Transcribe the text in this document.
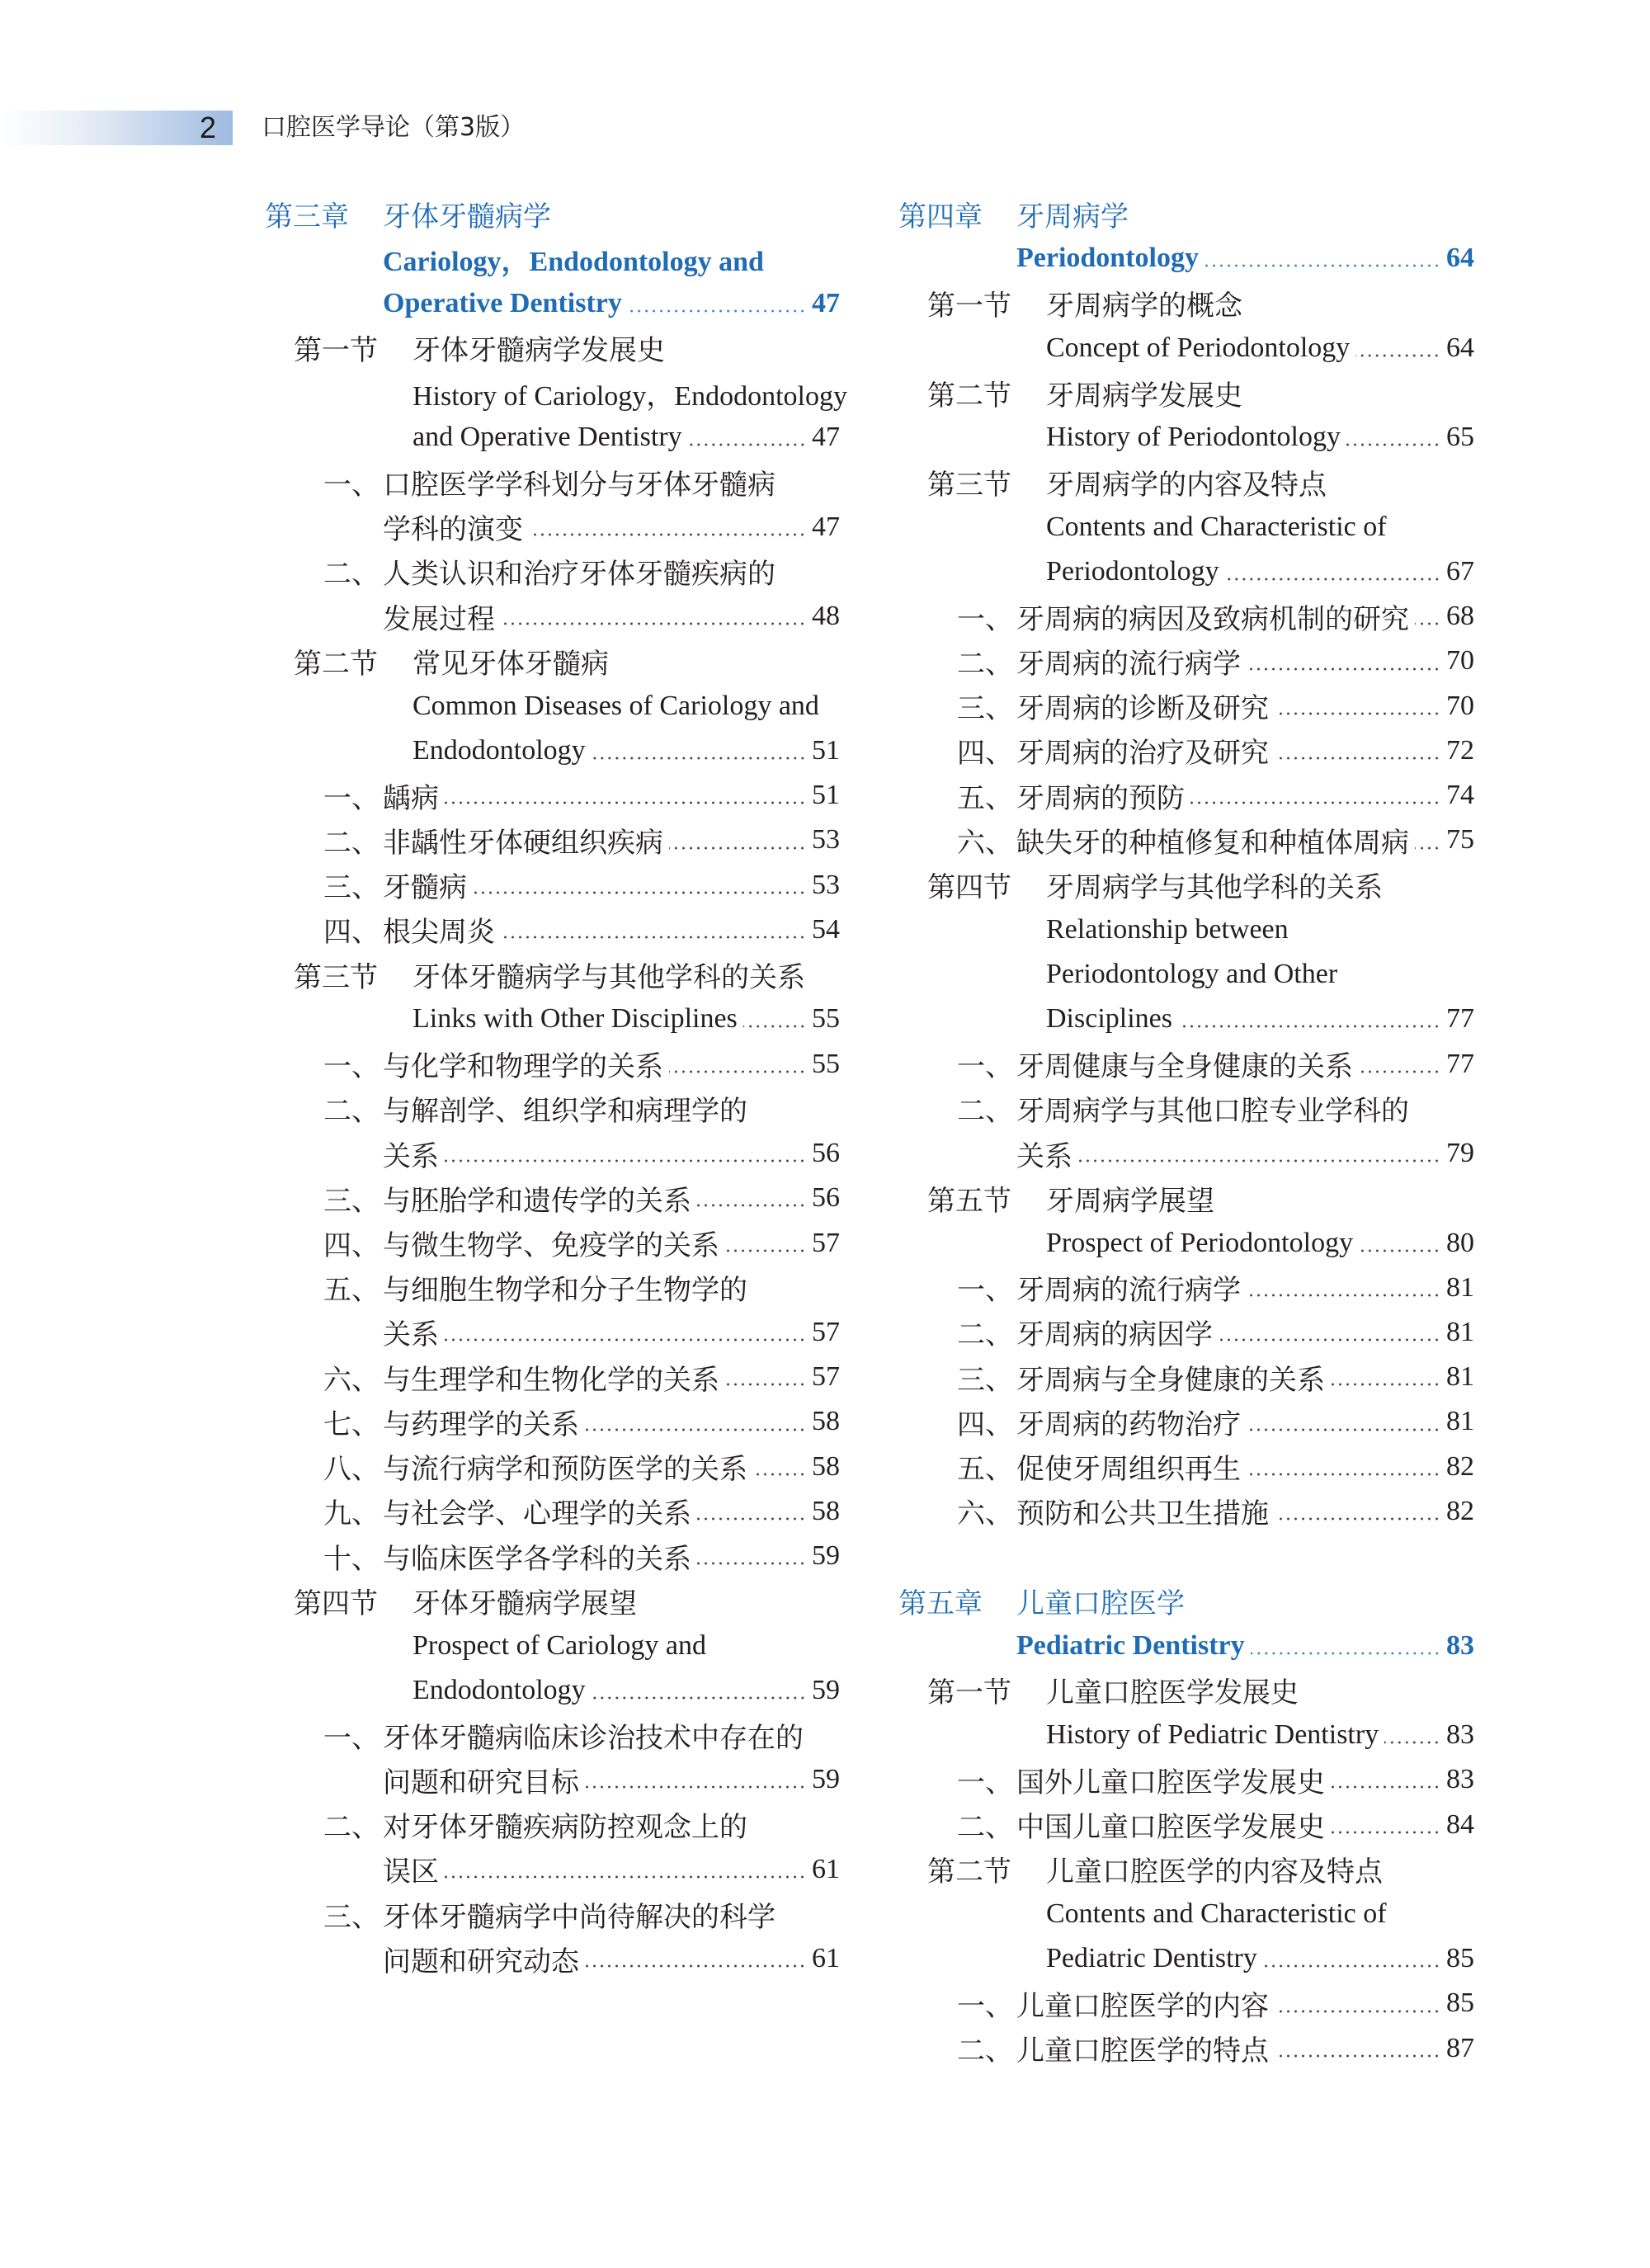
2	口腔医学导论（第3版）
第三章	牙体牙髓病学
Cariology，Endodontology and
Operative Dentistry	47
第一节	牙体牙髓病学发展史
History of Cariology，Endodontology
and Operative Dentistry	47
一、 口腔医学学科划分与牙体牙髓病
学科的演变	47
二、 人类认识和治疗牙体牙髓疾病的
发展过程	48
第二节	常见牙体牙髓病
Common Diseases of Cariology and
Endodontology	51
一、 龋病	51
二、 非龋性牙体硬组织疾病	53
三、 牙髓病	53
四、 根尖周炎	54
第三节	牙体牙髓病学与其他学科的关系
Links with Other Disciplines	55
一、 与化学和物理学的关系	55
二、 与解剖学、组织学和病理学的
关系	56
三、 与胚胎学和遗传学的关系	56
四、 与微生物学、免疫学的关系	57
五、 与细胞生物学和分子生物学的
关系	57
六、 与生理学和生物化学的关系	57
七、 与药理学的关系	58
八、 与流行病学和预防医学的关系 58
九、 与社会学、心理学的关系	58
十、 与临床医学各学科的关系	59
第四节	牙体牙髓病学展望
Prospect of Cariology and
Endodontology	59
一、 牙体牙髓病临床诊治技术中存在的
问题和研究目标	59
二、 对牙体牙髓疾病防控观念上的
误区	61
三、 牙体牙髓病学中尚待解决的科学
问题和研究动态	61
第四章	牙周病学
Periodontology	64
第一节	牙周病学的概念
Concept of Periodontology	64
第二节	牙周病学发展史
History of Periodontology	65
第三节	牙周病学的内容及特点
Contents and Characteristic of
Periodontology	67
一、 牙周病的病因及致病机制的研究 68
二、 牙周病的流行病学	70
三、 牙周病的诊断及研究	70
四、 牙周病的治疗及研究	72
五、 牙周病的预防	74
六、 缺失牙的种植修复和种植体周病 75
第四节	牙周病学与其他学科的关系
Relationship between
Periodontology and Other
Disciplines	77
一、 牙周健康与全身健康的关系	77
二、 牙周病学与其他口腔专业学科的
关系	79
第五节	牙周病学展望
Prospect of Periodontology	80
一、 牙周病的流行病学	81
二、 牙周病的病因学	81
三、 牙周病与全身健康的关系	81
四、 牙周病的药物治疗	81
五、 促使牙周组织再生	82
六、 预防和公共卫生措施	82
第五章	儿童口腔医学
Pediatric Dentistry	83
第一节	儿童口腔医学发展史
History of Pediatric Dentistry 83
一、 国外儿童口腔医学发展史	83
二、 中国儿童口腔医学发展史	84
第二节	儿童口腔医学的内容及特点
Contents and Characteristic of
Pediatric Dentistry	85
一、 儿童口腔医学的内容	85
二、 儿童口腔医学的特点	87
